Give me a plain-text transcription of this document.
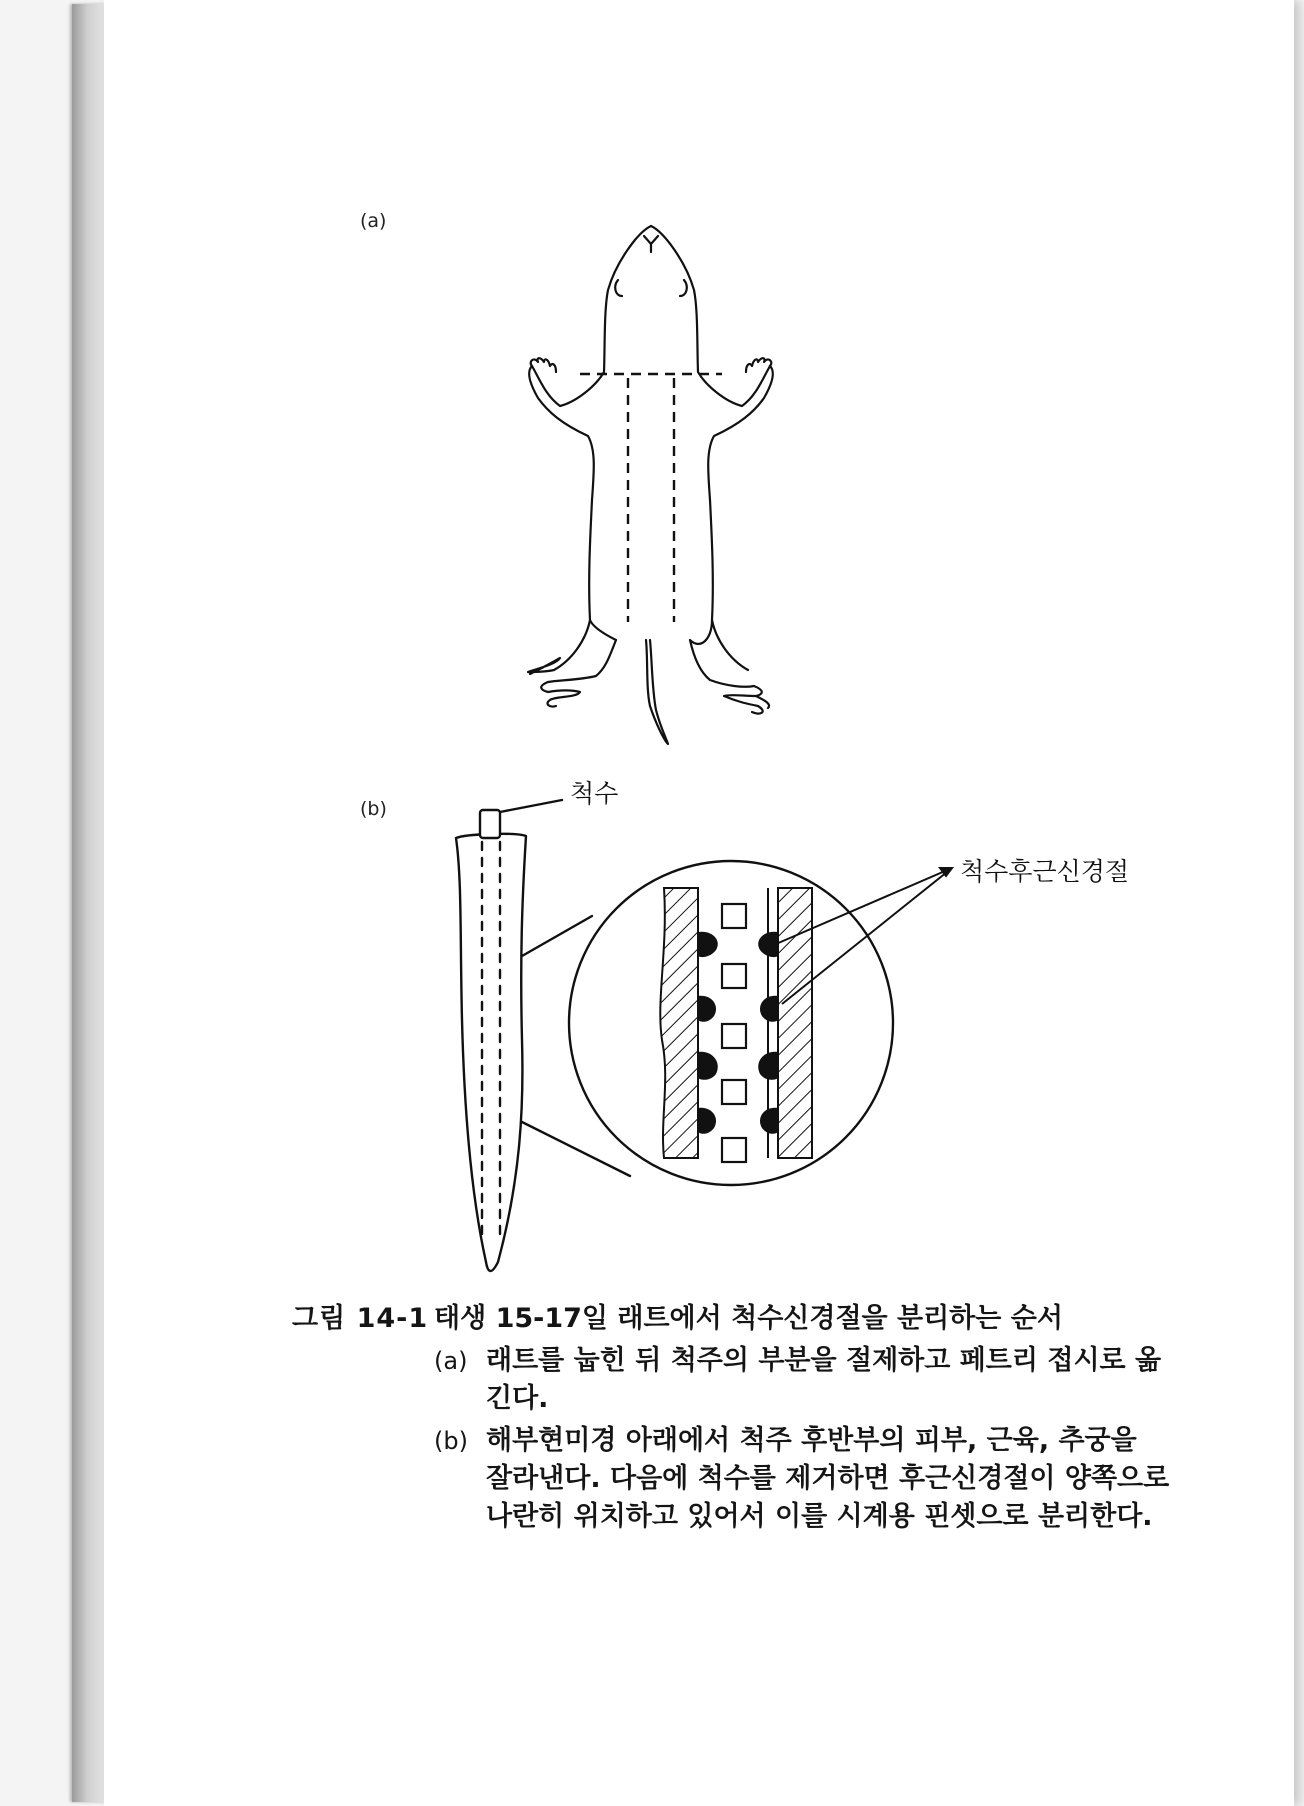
(a)
(b)
척수
척수후근신경절
그림 14-1 태생 15-17일 래트에서 척수신경절을 분리하는 순서
(a) 래트를 눕힌 뒤 척주의 부분을 절제하고 페트리 접시로 옮
긴다.
(b) 해부현미경 아래에서 척주 후반부의 피부, 근육, 추궁을
잘라낸다. 다음에 척수를 제거하면 후근신경절이 양쪽으로
나란히 위치하고 있어서 이를 시계용 핀셋으로 분리한다.
